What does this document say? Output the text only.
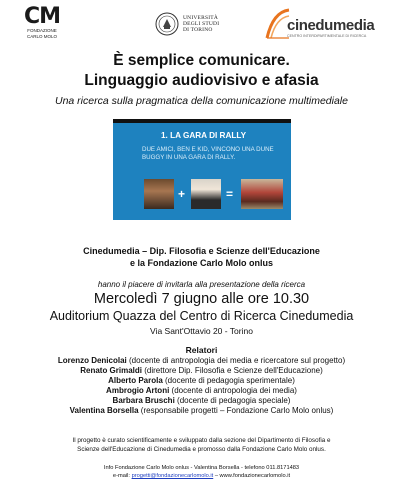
CM
FONDAZIONE
CARLO MOLO
UNIVERSITÀ
DEGLI STUDI
DI TORINO	cinedumedia
CENTRO INTERDIPARTIMENTALE DI RICERCA
È semplice comunicare.
Linguaggio audiovisivo e afasia
Una ricerca sulla pragmatica della comunicazione multimediale
1. LA GARA DI RALLY
DUE AMICI, BEN E KID, VINCONO UNA DUNE BUGGY IN UNA GARA DI RALLY.
+	=
Cinedumedia – Dip. Filosofia e Scienze dell'Educazione
e la Fondazione Carlo Molo onlus
hanno il piacere di invitarla alla presentazione della ricerca
Mercoledì 7 giugno alle ore 10.30
Auditorium Quazza del Centro di Ricerca Cinedumedia
Via Sant'Ottavio 20 - Torino
Relatori
Lorenzo Denicolai (docente di antropologia dei media e ricercatore sul progetto)
Renato Grimaldi (direttore Dip. Filosofia e Scienze dell'Educazione)
Alberto Parola (docente di pedagogia sperimentale)
Ambrogio Artoni (docente di antropologia dei media)
Barbara Bruschi (docente di pedagogia speciale)
Valentina Borsella (responsabile progetti – Fondazione Carlo Molo onlus)
Il progetto è curato scientificamente e sviluppato dalla sezione del Dipartimento di Filosofia e
Scienze dell'Educazione di Cinedumedia e promosso dalla Fondazione Carlo Molo onlus.
Info Fondazione Carlo Molo onlus - Valentina Borsella - telefono 011.8171483
e-mail: progetti@fondazionecarlomolo.it – www.fondazionecarlomolo.it
